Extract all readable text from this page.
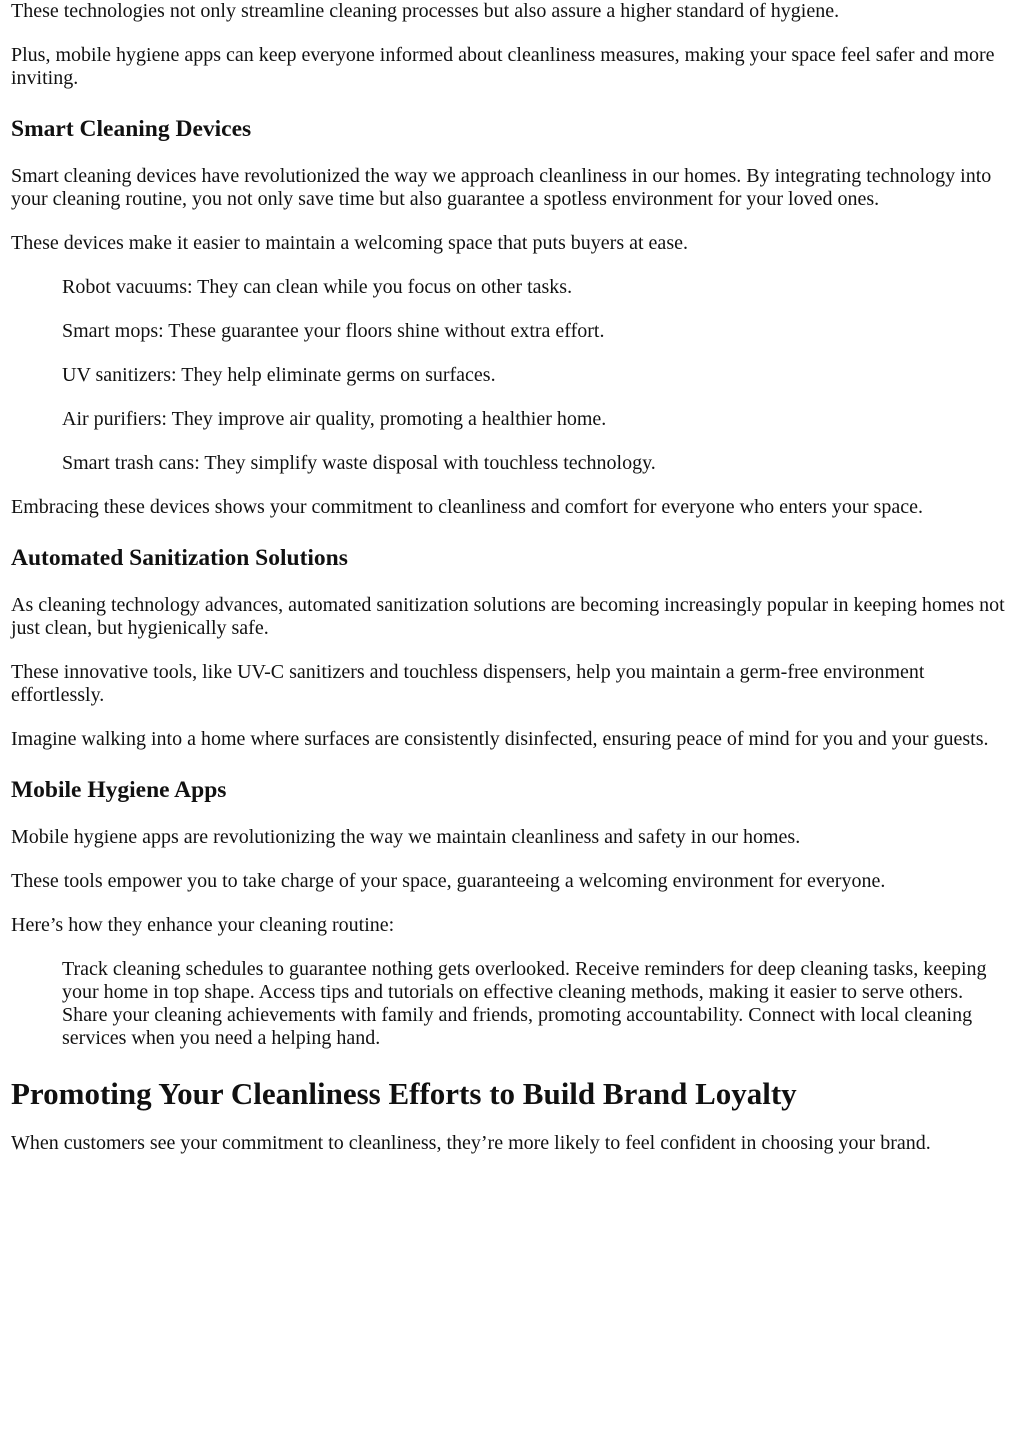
These technologies not only streamline cleaning processes but also assure a higher standard of hygiene.

Plus, mobile hygiene apps can keep everyone informed about cleanliness measures, making your space feel safer and more inviting.

Smart Cleaning Devices

Smart cleaning devices have revolutionized the way we approach cleanliness in our homes. By integrating technology into your cleaning routine, you not only save time but also guarantee a spotless environment for your loved ones.

These devices make it easier to maintain a welcoming space that puts buyers at ease.

Robot vacuums: They can clean while you focus on other tasks.

Smart mops: These guarantee your floors shine without extra effort.

UV sanitizers: They help eliminate germs on surfaces.

Air purifiers: They improve air quality, promoting a healthier home.

Smart trash cans: They simplify waste disposal with touchless technology.

Embracing these devices shows your commitment to cleanliness and comfort for everyone who enters your space.

Automated Sanitization Solutions

As cleaning technology advances, automated sanitization solutions are becoming increasingly popular in keeping homes not just clean, but hygienically safe.

These innovative tools, like UV-C sanitizers and touchless dispensers, help you maintain a germ-free environment effortlessly.

Imagine walking into a home where surfaces are consistently disinfected, ensuring peace of mind for you and your guests.

Mobile Hygiene Apps

Mobile hygiene apps are revolutionizing the way we maintain cleanliness and safety in our homes.

These tools empower you to take charge of your space, guaranteeing a welcoming environment for everyone.

Here’s how they enhance your cleaning routine:

Track cleaning schedules to guarantee nothing gets overlooked. Receive reminders for deep cleaning tasks, keeping your home in top shape. Access tips and tutorials on effective cleaning methods, making it easier to serve others. Share your cleaning achievements with family and friends, promoting accountability. Connect with local cleaning services when you need a helping hand.

Promoting Your Cleanliness Efforts to Build Brand Loyalty

When customers see your commitment to cleanliness, they’re more likely to feel confident in choosing your brand.
